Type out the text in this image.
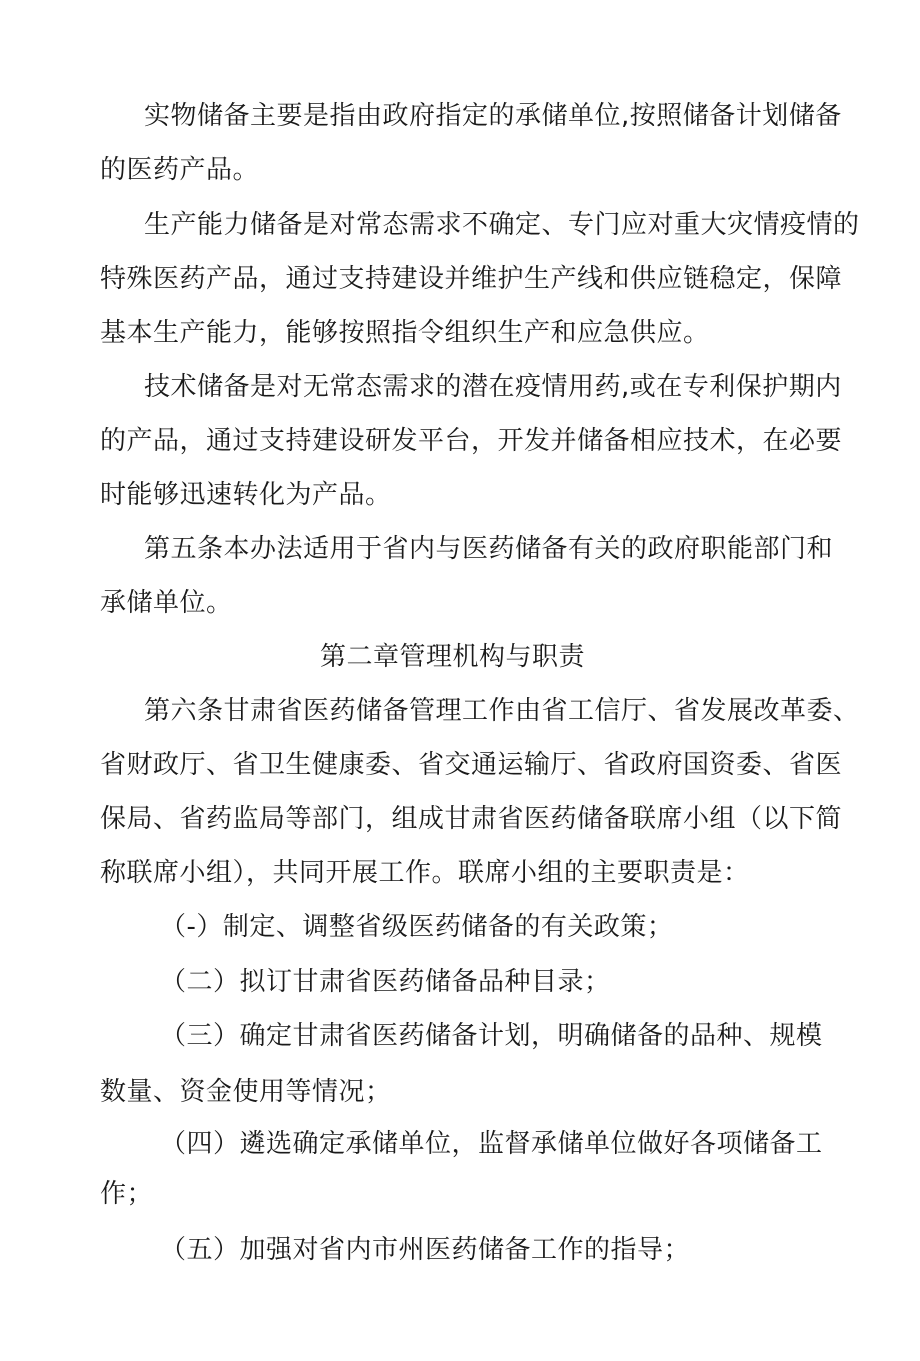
实物储备主要是指由政府指定的承储单位,按照储备计划储备
的医药产品。
生产能力储备是对常态需求不确定、专门应对重大灾情疫情的
特殊医药产品，通过支持建设并维护生产线和供应链稳定，保障
基本生产能力，能够按照指令组织生产和应急供应。
技术储备是对无常态需求的潜在疫情用药,或在专利保护期内
的产品，通过支持建设研发平台，开发并储备相应技术，在必要
时能够迅速转化为产品。
第五条本办法适用于省内与医药储备有关的政府职能部门和
承储单位。
第二章管理机构与职责
第六条甘肃省医药储备管理工作由省工信厅、省发展改革委、
省财政厅、省卫生健康委、省交通运输厅、省政府国资委、省医
保局、省药监局等部门，组成甘肃省医药储备联席小组（以下简
称联席小组），共同开展工作。联席小组的主要职责是：
（-）制定、调整省级医药储备的有关政策；
（二）拟订甘肃省医药储备品种目录；
（三）确定甘肃省医药储备计划，明确储备的品种、规模
数量、资金使用等情况；
（四）遴选确定承储单位，监督承储单位做好各项储备工
作；
（五）加强对省内市州医药储备工作的指导；
